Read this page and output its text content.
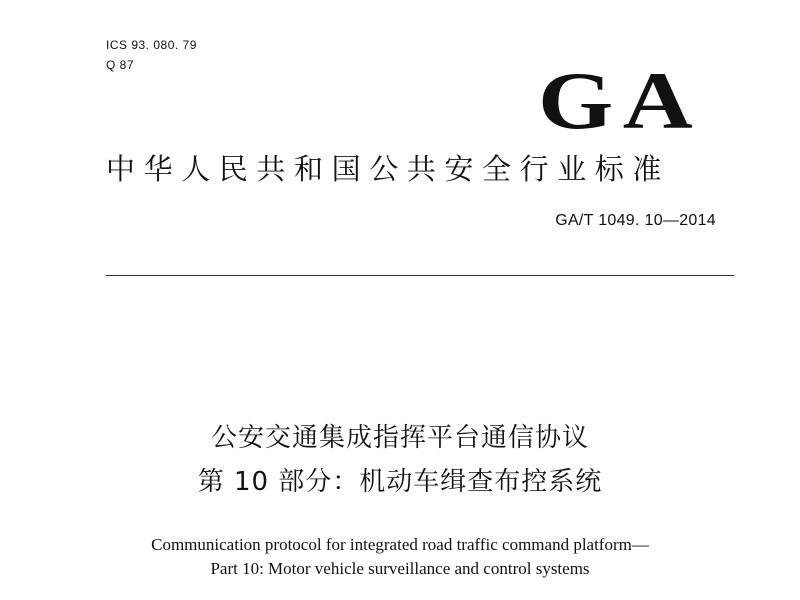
ICS 93. 080. 79
Q 87	GA
中华人民共和国公共安全行业标准
GA/T 1049. 10—2014
公安交通集成指挥平台通信协议
第 10 部分：机动车缉查布控系统
Communication protocol for integrated road traffic command platform—
Part 10: Motor vehicle surveillance and control systems
